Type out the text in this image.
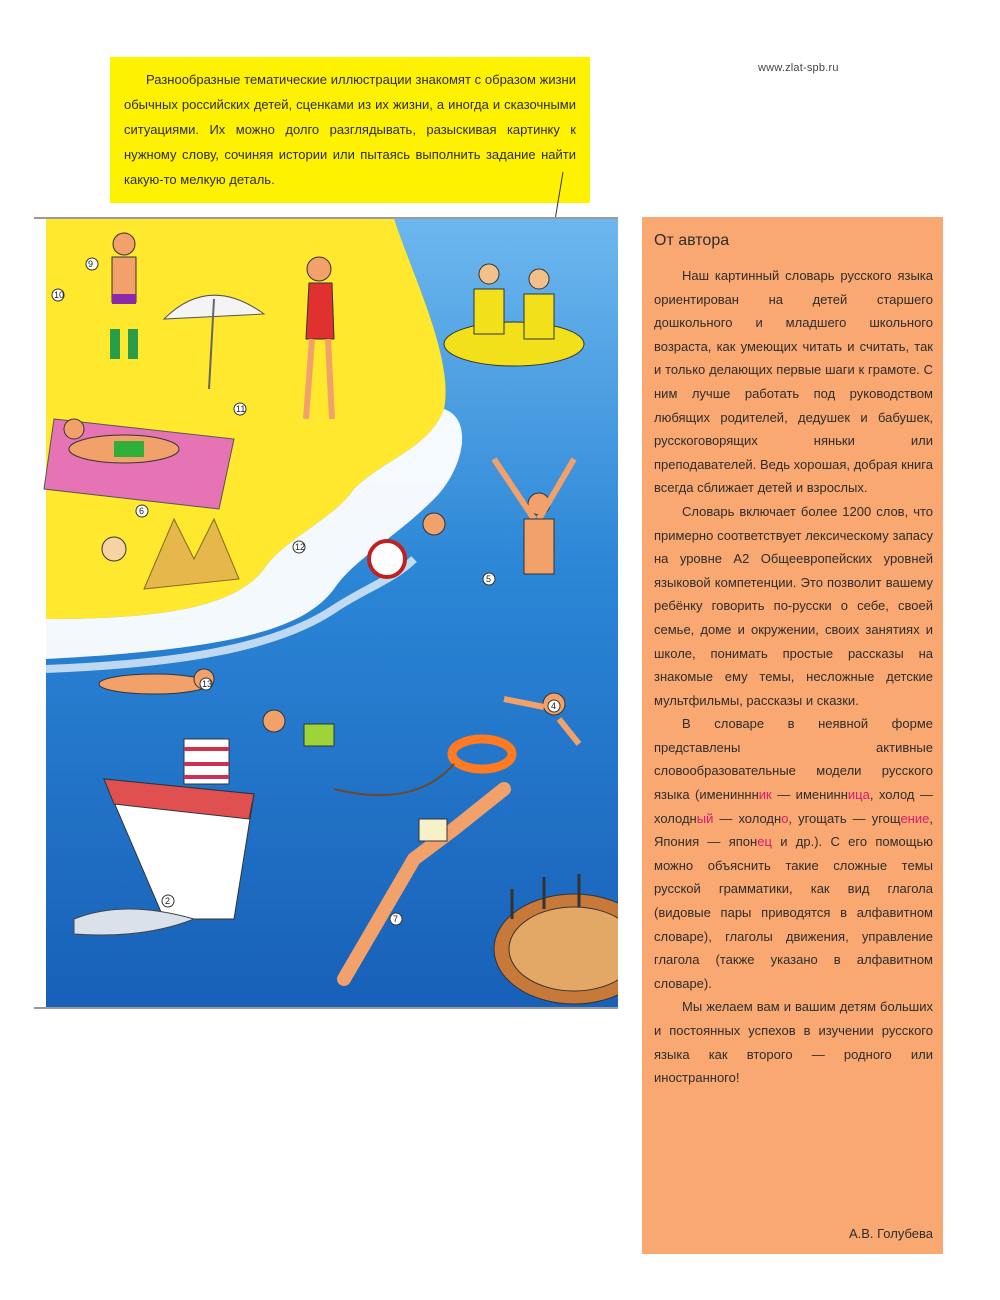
www.zlat-spb.ru

Разнообразные тематические иллюстрации знакомят с образом жизни обычных российских детей, сценками из их жизни, а иногда и сказочными ситуациями. Их можно долго разглядывать, разыскивая картинку к нужному слову, сочиняя истории или пытаясь выполнить задание найти какую-то мелкую деталь.

9
10
11
12
5
13
4
2
7
6
От автора

Наш картинный словарь русского языка ориентирован на детей старшего дошкольного и младшего школьного возраста, как умеющих читать и считать, так и только делающих первые шаги к грамоте. С ним лучше работать под руководством любящих родителей, дедушек и бабушек, русскоговорящих няньки или преподавателей. Ведь хорошая, добрая книга всегда сближает детей и взрослых.

Словарь включает более 1200 слов, что примерно соответствует лексическому запасу на уровне А2 Общеевропейских уровней языковой компетенции. Это позволит вашему ребёнку говорить по-русски о себе, своей семье, доме и окружении, своих занятиях и школе, понимать простые рассказы на знакомые ему темы, несложные детские мультфильмы, рассказы и сказки.

В словаре в неявной форме представлены активные словообразовательные модели русского языка (имениннник — именинница, холод — холодный — холодно, угощать — угощение, Япония — японец и др.). С его помощью можно объяснить такие сложные темы русской грамматики, как вид глагола (видовые пары приводятся в алфавитном словаре), глаголы движения, управление глагола (также указано в алфавитном словаре).

Мы желаем вам и вашим детям больших и постоянных успехов в изучении русского языка как второго — родного или иностранного!

А.В. Голубева
